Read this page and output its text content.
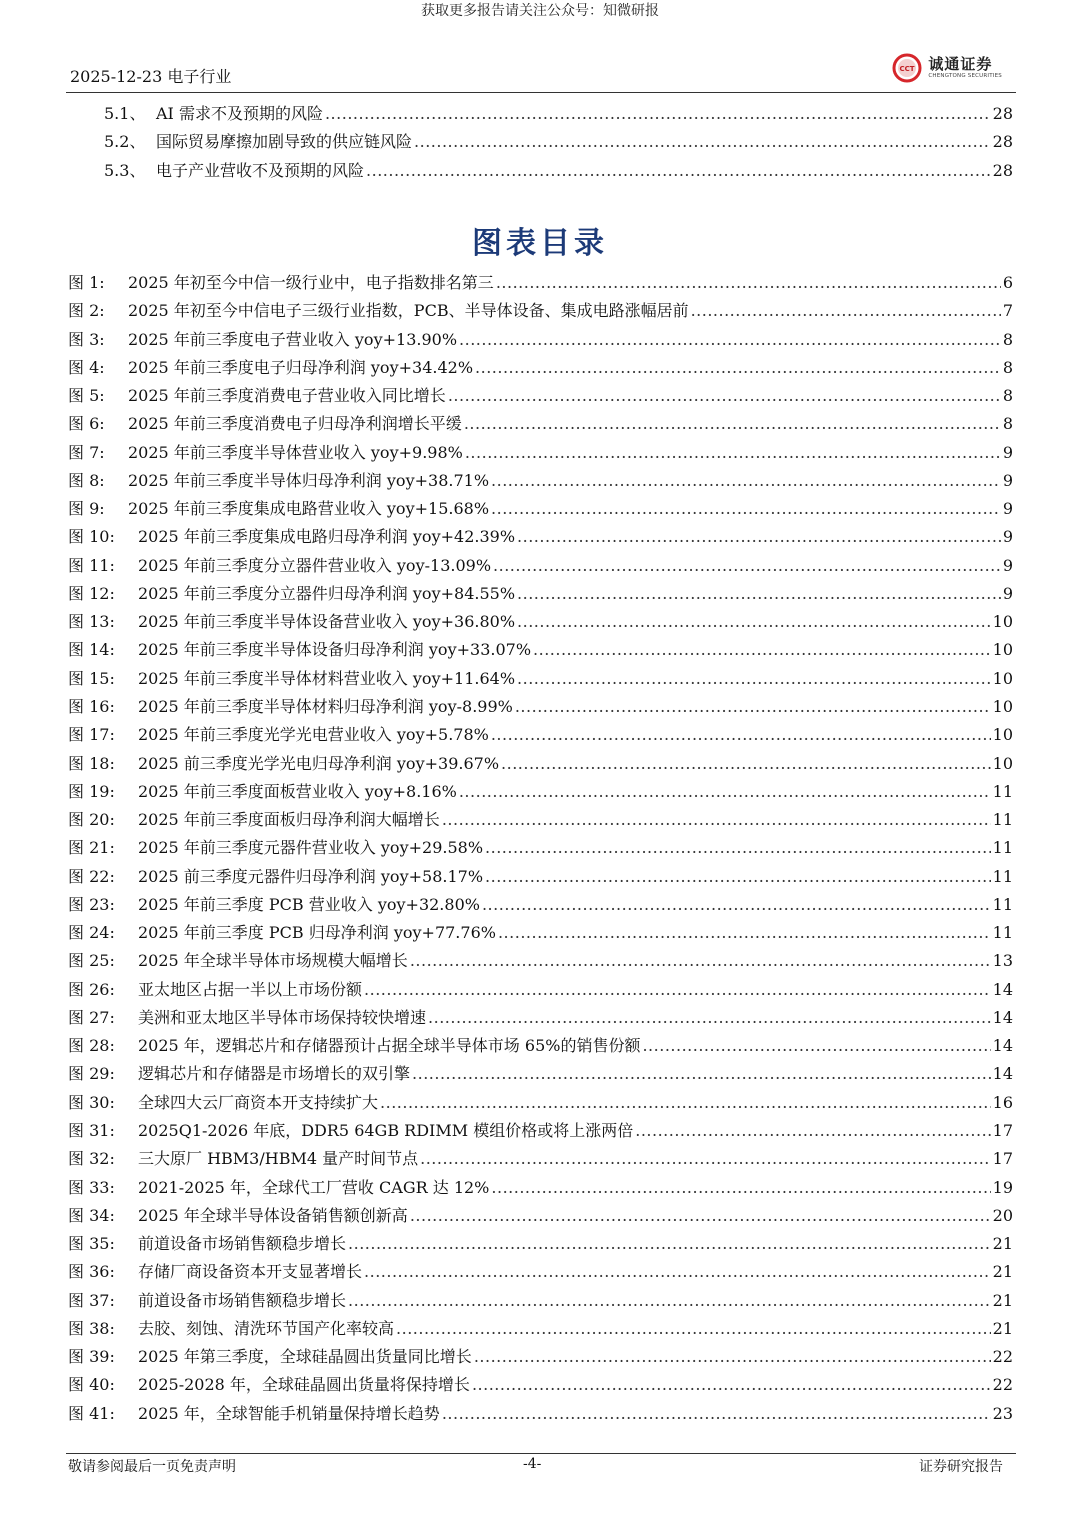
获取更多报告请关注公众号：知微研报
2025-12-23 电子行业	CCT 诚通证券
CHENGTONG SECURITIES
5.1、 AI 需求不及预期的风险 .....	28
5.2、 国际贸易摩擦加剧导致的供应链风险 .....	28
5.3、 电子产业营收不及预期的风险 .....	28
图表目录
图 1:	2025 年初至今中信一级行业中，电子指数排名第三 .....	6
图 2:	2025 年初至今中信电子三级行业指数，PCB、半导体设备、集成电路涨幅居前 .....	7
图 3:	2025 年前三季度电子营业收入 yoy+13.90% .....	8
图 4:	2025 年前三季度电子归母净利润 yoy+34.42% .....	8
图 5:	2025 年前三季度消费电子营业收入同比增长 .....	8
图 6:	2025 年前三季度消费电子归母净利润增长平缓 .....	8
图 7:	2025 年前三季度半导体营业收入 yoy+9.98% .....	9
图 8:	2025 年前三季度半导体归母净利润 yoy+38.71% .....	9
图 9:	2025 年前三季度集成电路营业收入 yoy+15.68% .....	9
图 10:	2025 年前三季度集成电路归母净利润 yoy+42.39% .....	9
图 11:	2025 年前三季度分立器件营业收入 yoy-13.09% .....	9
图 12:	2025 年前三季度分立器件归母净利润 yoy+84.55% .....	9
图 13:	2025 年前三季度半导体设备营业收入 yoy+36.80% .....	10
图 14:	2025 年前三季度半导体设备归母净利润 yoy+33.07% .....	10
图 15:	2025 年前三季度半导体材料营业收入 yoy+11.64% .....	10
图 16:	2025 年前三季度半导体材料归母净利润 yoy-8.99% .....	10
图 17:	2025 年前三季度光学光电营业收入 yoy+5.78% .....	10
图 18:	2025 前三季度光学光电归母净利润 yoy+39.67% .....	10
图 19:	2025 年前三季度面板营业收入 yoy+8.16% .....	11
图 20:	2025 年前三季度面板归母净利润大幅增长 .....	11
图 21:	2025 年前三季度元器件营业收入 yoy+29.58% .....	11
图 22:	2025 前三季度元器件归母净利润 yoy+58.17% .....	11
图 23:	2025 年前三季度 PCB 营业收入 yoy+32.80% .....	11
图 24:	2025 年前三季度 PCB 归母净利润 yoy+77.76% .....	11
图 25:	2025 年全球半导体市场规模大幅增长 .....	13
图 26:	亚太地区占据一半以上市场份额 .....	14
图 27:	美洲和亚太地区半导体市场保持较快增速 .....	14
图 28:	2025 年，逻辑芯片和存储器预计占据全球半导体市场 65%的销售份额 .....	14
图 29:	逻辑芯片和存储器是市场增长的双引擎 .....	14
图 30:	全球四大云厂商资本开支持续扩大 .....	16
图 31:	2025Q1-2026 年底，DDR5 64GB RDIMM 模组价格或将上涨两倍 .....	17
图 32:	三大原厂 HBM3/HBM4 量产时间节点 .....	17
图 33:	2021-2025 年，全球代工厂营收 CAGR 达 12% .....	19
图 34:	2025 年全球半导体设备销售额创新高 .....	20
图 35:	前道设备市场销售额稳步增长 .....	21
图 36:	存储厂商设备资本开支显著增长 .....	21
图 37:	前道设备市场销售额稳步增长 .....	21
图 38:	去胶、刻蚀、清洗环节国产化率较高 .....	21
图 39:	2025 年第三季度，全球硅晶圆出货量同比增长 .....	22
图 40:	2025-2028 年，全球硅晶圆出货量将保持增长 .....	22
图 41:	2025 年，全球智能手机销量保持增长趋势 .....	23
敬请参阅最后一页免责声明	-4-	证券研究报告
